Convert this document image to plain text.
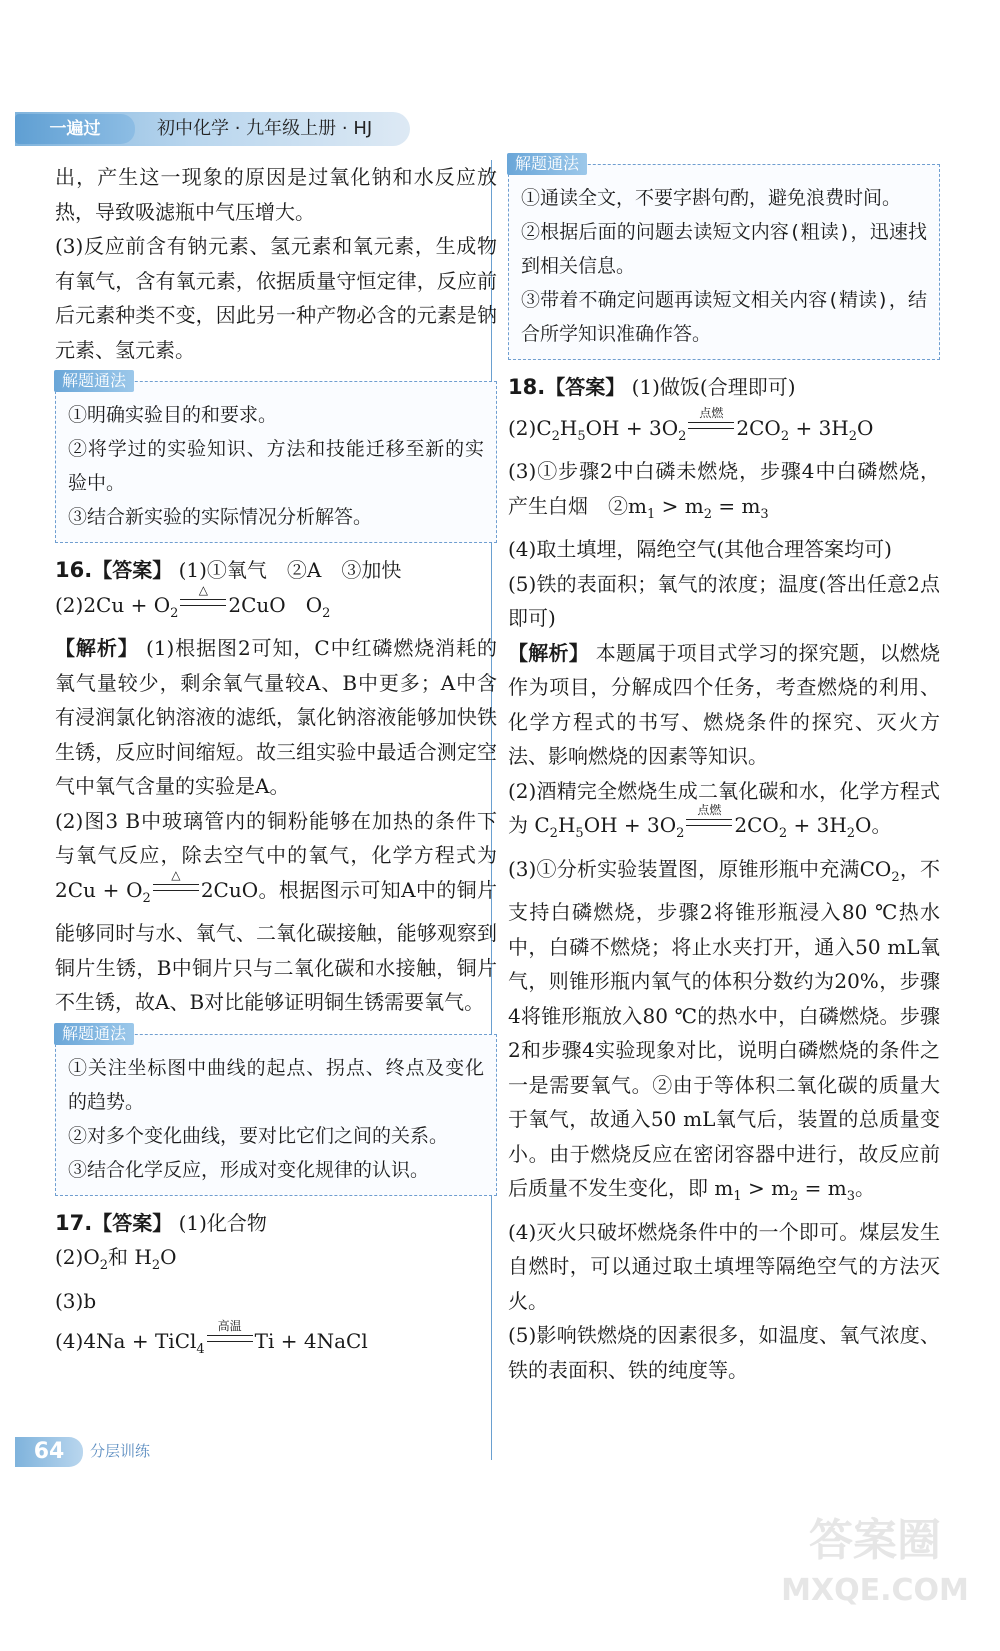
一遍过	初中化学 · 九年级上册 · HJ

出，产生这一现象的原因是过氧化钠和水反应放热，导致吸滤瓶中气压增大。

(3)反应前含有钠元素、氢元素和氧元素，生成物有氧气，含有氧元素，依据质量守恒定律，反应前后元素种类不变，因此另一种产物必含的元素是钠元素、氢元素。

解题通法

①明确实验目的和要求。

②将学过的实验知识、方法和技能迁移至新的实验中。

③结合新实验的实际情况分析解答。

16.【答案】 (1)①氧气　②A　③加快

$(2)2Cu + O_2$
△
2CuO　$O_2$

【解析】 (1)根据图2可知，C中红磷燃烧消耗的氧气量较少，剩余氧气量较A、B中更多；A中含有浸润氯化钠溶液的滤纸，氯化钠溶液能够加快铁生锈，反应时间缩短。故三组实验中最适合测定空气中氧气含量的实验是A。

(2)图3 B中玻璃管内的铜粉能够在加热的条件下与氧气反应，除去空气中的氧气，化学方程式为$2Cu + O_2$
△
2CuO。根据图示可知A中的铜片能够同时与水、氧气、二氧化碳接触，能够观察到铜片生锈，B中铜片只与二氧化碳和水接触，铜片不生锈，故A、B对比能够证明铜生锈需要氧气。

解题通法

①关注坐标图中曲线的起点、拐点、终点及变化的趋势。

②对多个变化曲线，要对比它们之间的关系。

③结合化学反应，形成对变化规律的认识。

17.【答案】 (1)化合物

$(2)O_2$和 $H_2O$

(3)b

(4)4Na + TiCl$_4$
高温
Ti + 4NaCl

解题通法

①通读全文，不要字斟句酌，避免浪费时间。

②根据后面的问题去读短文内容(粗读)，迅速找到相关信息。

③带着不确定问题再读短文相关内容(精读)，结合所学知识准确作答。

18.【答案】 (1)做饭(合理即可)

$(2)C_2H_5OH + 3O_2$
点燃
$2CO_2 + 3H_2O$

(3)①步骤2中白磷未燃烧，步骤4中白磷燃烧，产生白烟　$②m_1 > m_2 = m_3$

(4)取土填埋，隔绝空气(其他合理答案均可)

(5)铁的表面积；氧气的浓度；温度(答出任意2点即可)

【解析】 本题属于项目式学习的探究题，以燃烧作为项目，分解成四个任务，考查燃烧的利用、化学方程式的书写、燃烧条件的探究、灭火方法、影响燃烧的因素等知识。

(2)酒精完全燃烧生成二氧化碳和水，化学方程式为 $C_2H_5OH + 3O_2$
点燃
$2CO_2 + 3H_2O$。

(3)①分析实验装置图，原锥形瓶中充满$CO_2$，不支持白磷燃烧，步骤2将锥形瓶浸入80 ℃热水中，白磷不燃烧；将止水夹打开，通入50 mL氧气，则锥形瓶内氧气的体积分数约为20%，步骤4将锥形瓶放入80 ℃的热水中，白磷燃烧。步骤2和步骤4实验现象对比，说明白磷燃烧的条件之一是需要氧气。②由于等体积二氧化碳的质量大于氧气，故通入50 mL氧气后，装置的总质量变小。由于燃烧反应在密闭容器中进行，故反应前后质量不发生变化，即 $m_1 > m_2 = m_3$。

(4)灭火只破坏燃烧条件中的一个即可。煤层发生自燃时，可以通过取土填埋等隔绝空气的方法灭火。

(5)影响铁燃烧的因素很多，如温度、氧气浓度、铁的表面积、铁的纯度等。

64	分层训练
答案圈
MXQE.COM
